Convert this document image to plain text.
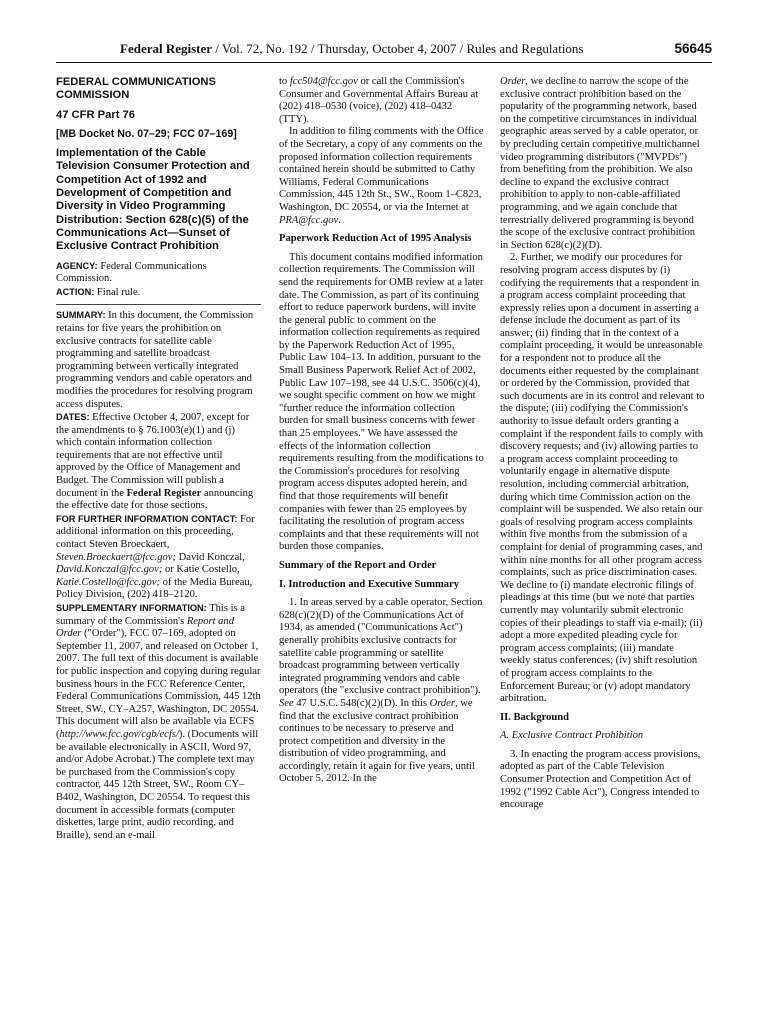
Federal Register / Vol. 72, No. 192 / Thursday, October 4, 2007 / Rules and Regulations	56645

FEDERAL COMMUNICATIONS COMMISSION

47 CFR Part 76

[MB Docket No. 07–29; FCC 07–169]

Implementation of the Cable Television Consumer Protection and Competition Act of 1992 and Development of Competition and Diversity in Video Programming Distribution: Section 628(c)(5) of the Communications Act—Sunset of Exclusive Contract Prohibition

AGENCY: Federal Communications Commission.

ACTION: Final rule.

SUMMARY: In this document, the Commission retains for five years the prohibition on exclusive contracts for satellite cable programming and satellite broadcast programming between vertically integrated programming vendors and cable operators and modifies the procedures for resolving program access disputes.

DATES: Effective October 4, 2007, except for the amendments to § 76.1003(e)(1) and (j) which contain information collection requirements that are not effective until approved by the Office of Management and Budget. The Commission will publish a document in the Federal Register announcing the effective date for those sections.

FOR FURTHER INFORMATION CONTACT: For additional information on this proceeding, contact Steven Broeckaert, Steven.Broeckaert@fcc.gov; David Konczal, David.Konczal@fcc.gov; or Katie Costello, Katie.Costello@fcc.gov; of the Media Bureau, Policy Division, (202) 418–2120.

SUPPLEMENTARY INFORMATION: This is a summary of the Commission's Report and Order ("Order"), FCC 07–169, adopted on September 11, 2007, and released on October 1, 2007. The full text of this document is available for public inspection and copying during regular business hours in the FCC Reference Center, Federal Communications Commission, 445 12th Street, SW., CY–A257, Washington, DC 20554. This document will also be available via ECFS (http://www.fcc.gov/cgb/ecfs/). (Documents will be available electronically in ASCII, Word 97, and/or Adobe Acrobat.) The complete text may be purchased from the Commission's copy contractor, 445 12th Street, SW., Room CY–B402, Washington, DC 20554. To request this document in accessible formats (computer diskettes, large print, audio recording, and Braille), send an e-mail

to fcc504@fcc.gov or call the Commission's Consumer and Governmental Affairs Bureau at (202) 418–0530 (voice), (202) 418–0432 (TTY).

In addition to filing comments with the Office of the Secretary, a copy of any comments on the proposed information collection requirements contained herein should be submitted to Cathy Williams, Federal Communications Commission, 445 12th St., SW., Room 1–C823, Washington, DC 20554, or via the Internet at PRA@fcc.gov.

Paperwork Reduction Act of 1995 Analysis

This document contains modified information collection requirements. The Commission will send the requirements for OMB review at a later date. The Commission, as part of its continuing effort to reduce paperwork burdens, will invite the general public to comment on the information collection requirements as required by the Paperwork Reduction Act of 1995, Public Law 104–13. In addition, pursuant to the Small Business Paperwork Relief Act of 2002, Public Law 107–198, see 44 U.S.C. 3506(c)(4), we sought specific comment on how we might "further reduce the information collection burden for small business concerns with fewer than 25 employees." We have assessed the effects of the information collection requirements resulting from the modifications to the Commission's procedures for resolving program access disputes adopted herein, and find that those requirements will benefit companies with fewer than 25 employees by facilitating the resolution of program access complaints and that these requirements will not burden those companies.

Summary of the Report and Order

I. Introduction and Executive Summary

1. In areas served by a cable operator, Section 628(c)(2)(D) of the Communications Act of 1934, as amended ("Communications Act") generally prohibits exclusive contracts for satellite cable programming or satellite broadcast programming between vertically integrated programming vendors and cable operators (the "exclusive contract prohibition"). See 47 U.S.C. 548(c)(2)(D). In this Order, we find that the exclusive contract prohibition continues to be necessary to preserve and protect competition and diversity in the distribution of video programming, and accordingly, retain it again for five years, until October 5, 2012. In the

Order, we decline to narrow the scope of the exclusive contract prohibition based on the popularity of the programming network, based on the competitive circumstances in individual geographic areas served by a cable operator, or by precluding certain competitive multichannel video programming distributors ("MVPDs") from benefiting from the prohibition. We also decline to expand the exclusive contract prohibition to apply to non-cable-affiliated programming, and we again conclude that terrestrially delivered programming is beyond the scope of the exclusive contract prohibition in Section 628(c)(2)(D).

2. Further, we modify our procedures for resolving program access disputes by (i) codifying the requirements that a respondent in a program access complaint proceeding that expressly relies upon a document in asserting a defense include the document as part of its answer; (ii) finding that in the context of a complaint proceeding, it would be unreasonable for a respondent not to produce all the documents either requested by the complainant or ordered by the Commission, provided that such documents are in its control and relevant to the dispute; (iii) codifying the Commission's authority to issue default orders granting a complaint if the respondent fails to comply with discovery requests; and (iv) allowing parties to a program access complaint proceeding to voluntarily engage in alternative dispute resolution, including commercial arbitration, during which time Commission action on the complaint will be suspended. We also retain our goals of resolving program access complaints within five months from the submission of a complaint for denial of programming cases, and within nine months for all other program access complaints, such as price discrimination cases. We decline to (i) mandate electronic filings of pleadings at this time (but we note that parties currently may voluntarily submit electronic copies of their pleadings to staff via e-mail); (ii) adopt a more expedited pleading cycle for program access complaints; (iii) mandate weekly status conferences; (iv) shift resolution of program access complaints to the Enforcement Bureau; or (v) adopt mandatory arbitration.

II. Background

A. Exclusive Contract Prohibition

3. In enacting the program access provisions, adopted as part of the Cable Television Consumer Protection and Competition Act of 1992 ("1992 Cable Act"), Congress intended to encourage
